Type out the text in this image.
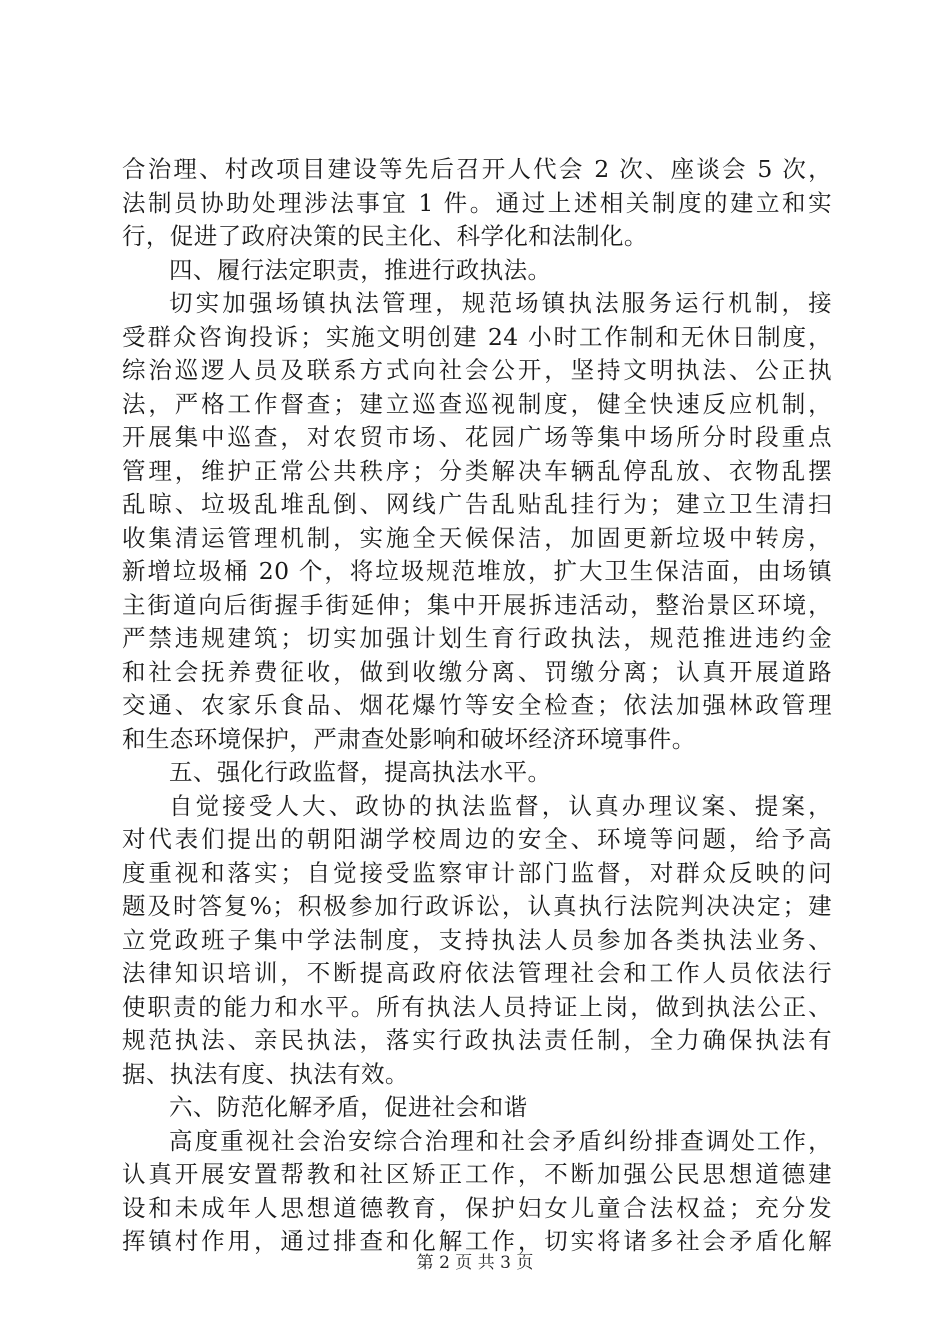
合治理、村改项目建设等先后召开人代会 2 次、座谈会 5 次，
法制员协助处理涉法事宜 1 件。通过上述相关制度的建立和实
行，促进了政府决策的民主化、科学化和法制化。
四、履行法定职责，推进行政执法。
切实加强场镇执法管理，规范场镇执法服务运行机制，接
受群众咨询投诉；实施文明创建 24 小时工作制和无休日制度，
综治巡逻人员及联系方式向社会公开，坚持文明执法、公正执
法，严格工作督查；建立巡查巡视制度，健全快速反应机制，
开展集中巡查，对农贸市场、花园广场等集中场所分时段重点
管理，维护正常公共秩序；分类解决车辆乱停乱放、衣物乱摆
乱晾、垃圾乱堆乱倒、网线广告乱贴乱挂行为；建立卫生清扫
收集清运管理机制，实施全天候保洁，加固更新垃圾中转房，
新增垃圾桶 20 个，将垃圾规范堆放，扩大卫生保洁面，由场镇
主街道向后街握手街延伸；集中开展拆违活动，整治景区环境，
严禁违规建筑；切实加强计划生育行政执法，规范推进违约金
和社会抚养费征收，做到收缴分离、罚缴分离；认真开展道路
交通、农家乐食品、烟花爆竹等安全检查；依法加强林政管理
和生态环境保护，严肃查处影响和破坏经济环境事件。
五、强化行政监督，提高执法水平。
自觉接受人大、政协的执法监督，认真办理议案、提案，
对代表们提出的朝阳湖学校周边的安全、环境等问题，给予高
度重视和落实；自觉接受监察审计部门监督，对群众反映的问
题及时答复%；积极参加行政诉讼，认真执行法院判决决定；建
立党政班子集中学法制度，支持执法人员参加各类执法业务、
法律知识培训，不断提高政府依法管理社会和工作人员依法行
使职责的能力和水平。所有执法人员持证上岗，做到执法公正、
规范执法、亲民执法，落实行政执法责任制，全力确保执法有
据、执法有度、执法有效。
六、防范化解矛盾，促进社会和谐
高度重视社会治安综合治理和社会矛盾纠纷排查调处工作，
认真开展安置帮教和社区矫正工作，不断加强公民思想道德建
设和未成年人思想道德教育，保护妇女儿童合法权益；充分发
挥镇村作用，通过排查和化解工作，切实将诸多社会矛盾化解
第 2 页 共 3 页
